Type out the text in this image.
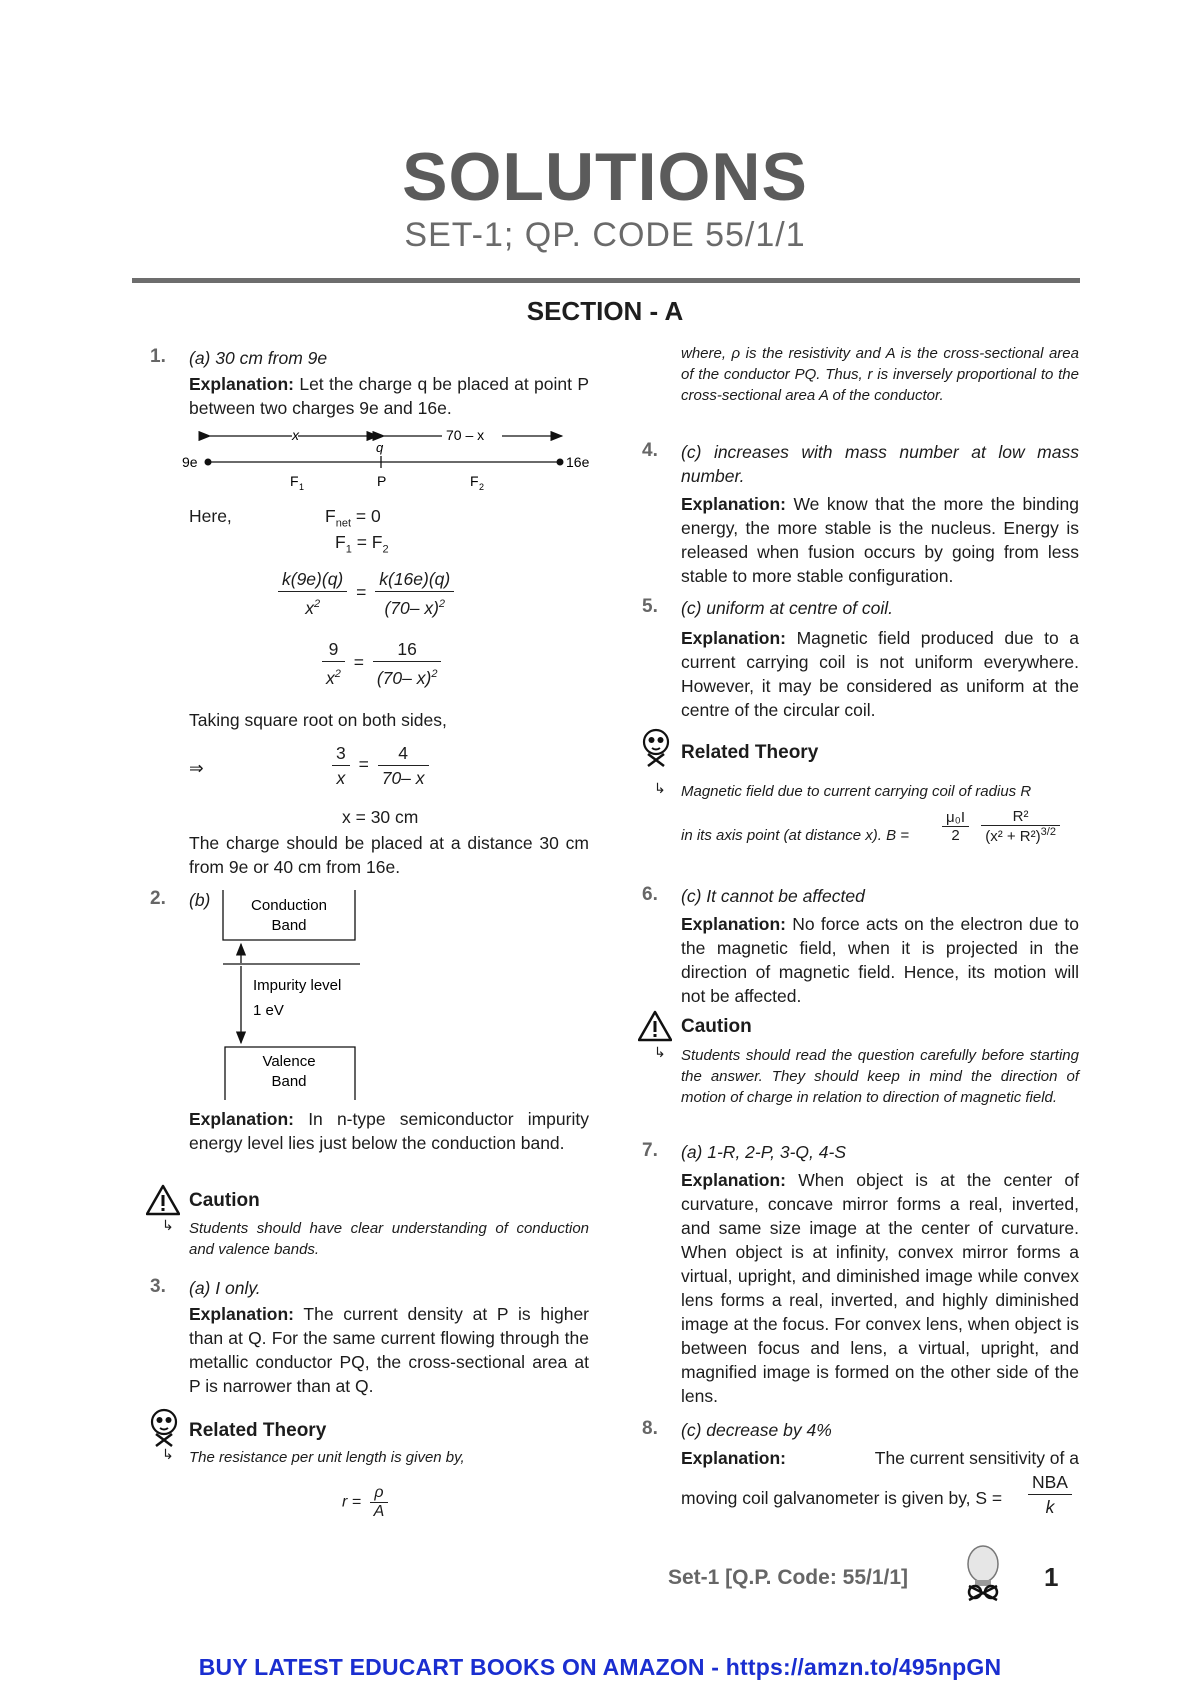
SOLUTIONS
SET-1; QP. CODE 55/1/1
SECTION - A
1. (a) 30 cm from 9e
Explanation: Let the charge q be placed at point P between two charges 9e and 16e.
x	70 – x
q
9e	16e
F 1	P	F 2
Here,	$F_{net} = 0$
$F_1 = F_2$
$\frac{k(9e)(q)}{x^2} = \frac{k(16e)(q)}{(70- x)^2}$
$\frac{9}{x^2} = \frac{16}{(70- x)^2}$
Taking square root on both sides,
⇒	$\frac{3}{x} = \frac{4}{70- x}$
x = 30 cm
The charge should be placed at a distance 30 cm from 9e or 40 cm from 16e.
2. (b)	Conduction
Band
Impurity level
1 eV
Valence
Band
Explanation: In n-type semiconductor impurity energy level lies just below the conduction band.
Caution
↳ Students should have clear understanding of conduction and valence bands.
3. (a) I only.
Explanation: The current density at P is higher than at Q. For the same current flowing through the metallic conductor PQ, the cross-sectional area at P is narrower than at Q.
Related Theory
↳ The resistance per unit length is given by,
$r = \frac{\rho}{A}$
where, ρ is the resistivity and A is the cross-sectional area of the conductor PQ. Thus, r is inversely proportional to the cross-sectional area A of the conductor.
4. (c) increases with mass number at low mass number.
Explanation: We know that the more the binding energy, the more stable is the nucleus. Energy is released when fusion occurs by going from less stable to more stable configuration.
5. (c) uniform at centre of coil.
Explanation: Magnetic field produced due to a current carrying coil is not uniform everywhere. However, it may be considered as uniform at the centre of the circular coil.
Related Theory
↳ Magnetic field due to current carrying coil of radius R
in its axis point (at distance x). $B = \frac{\text{μ₀I}}{2}$
$\frac{\text{R²}}{(x^2 + R^2)^{3/2}}$
6. (c) It cannot be affected
Explanation: No force acts on the electron due to the magnetic field, when it is projected in the direction of magnetic field. Hence, its motion will not be affected.
Caution
↳ Students should read the question carefully before starting the answer. They should keep in mind the direction of motion of charge in relation to direction of magnetic field.
7. (a) 1-R, 2-P, 3-Q, 4-S
Explanation: When object is at the center of curvature, concave mirror forms a real, inverted, and same size image at the center of curvature. When object is at infinity, convex mirror forms a virtual, upright, and diminished image while convex lens forms a real, inverted, and highly diminished image at the focus. For convex lens, when object is between focus and lens, a virtual, upright, and magnified image is formed on the other side of the lens.
8. (c) decrease by 4%
Explanation:	The current sensitivity of a
moving coil galvanometer is given by, $S = \frac{\text{NBA}}{k}$
Set-1 [Q.P. Code: 55/1/1]	1
BUY LATEST EDUCART BOOKS ON AMAZON - https://amzn.to/495npGN
